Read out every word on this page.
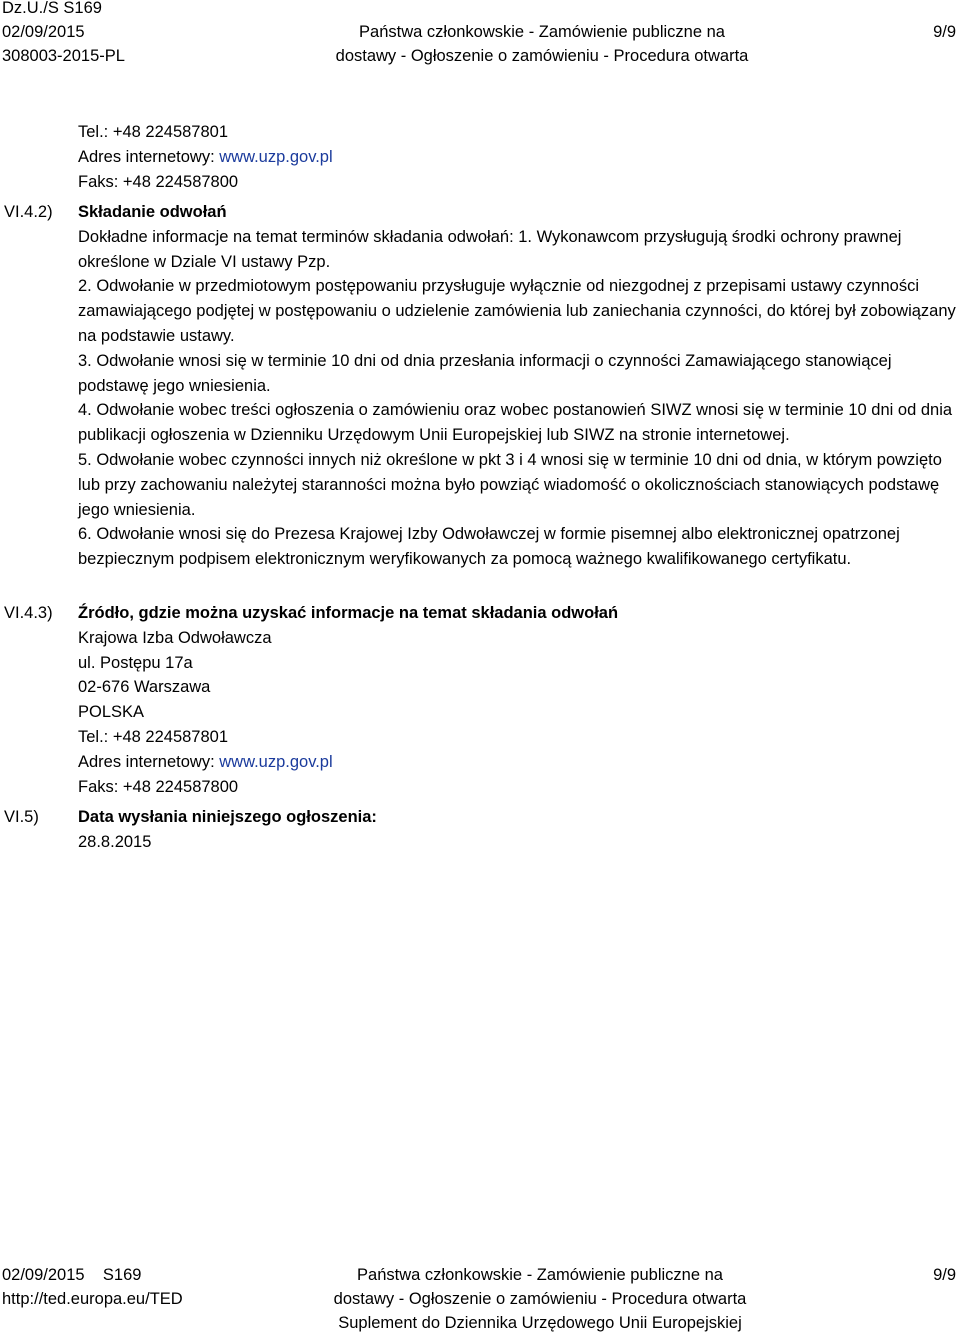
Dz.U./S S169
02/09/2015
308003-2015-PL
Państwa członkowskie - Zamówienie publiczne na
dostawy - Ogłoszenie o zamówieniu - Procedura otwarta
9/9
Tel.: +48 224587801
Adres internetowy: www.uzp.gov.pl
Faks: +48 224587800
VI.4.2) Składanie odwołań

Dokładne informacje na temat terminów składania odwołań: 1. Wykonawcom przysługują środki ochrony prawnej określone w Dziale VI ustawy Pzp.

2. Odwołanie w przedmiotowym postępowaniu przysługuje wyłącznie od niezgodnej z przepisami ustawy czynności zamawiającego podjętej w postępowaniu o udzielenie zamówienia lub zaniechania czynności, do której był zobowiązany na podstawie ustawy.

3. Odwołanie wnosi się w terminie 10 dni od dnia przesłania informacji o czynności Zamawiającego stanowiącej podstawę jego wniesienia.

4. Odwołanie wobec treści ogłoszenia o zamówieniu oraz wobec postanowień SIWZ wnosi się w terminie 10 dni od dnia publikacji ogłoszenia w Dzienniku Urzędowym Unii Europejskiej lub SIWZ na stronie internetowej.

5. Odwołanie wobec czynności innych niż określone w pkt 3 i 4 wnosi się w terminie 10 dni od dnia, w którym powzięto lub przy zachowaniu należytej staranności można było powziąć wiadomość o okolicznościach stanowiących podstawę jego wniesienia.

6. Odwołanie wnosi się do Prezesa Krajowej Izby Odwoławczej w formie pisemnej albo elektronicznej opatrzonej bezpiecznym podpisem elektronicznym weryfikowanych za pomocą ważnego kwalifikowanego certyfikatu.

VI.4.3) Źródło, gdzie można uzyskać informacje na temat składania odwołań
Krajowa Izba Odwoławcza
ul. Postępu 17a
02-676 Warszawa
POLSKA
Tel.: +48 224587801
Adres internetowy: www.uzp.gov.pl
Faks: +48 224587800
VI.5) Data wysłania niniejszego ogłoszenia:
28.8.2015
02/09/2015    S169
http://ted.europa.eu/TED
Państwa członkowskie - Zamówienie publiczne na
dostawy - Ogłoszenie o zamówieniu - Procedura otwarta
Suplement do Dziennika Urzędowego Unii Europejskiej
9/9
